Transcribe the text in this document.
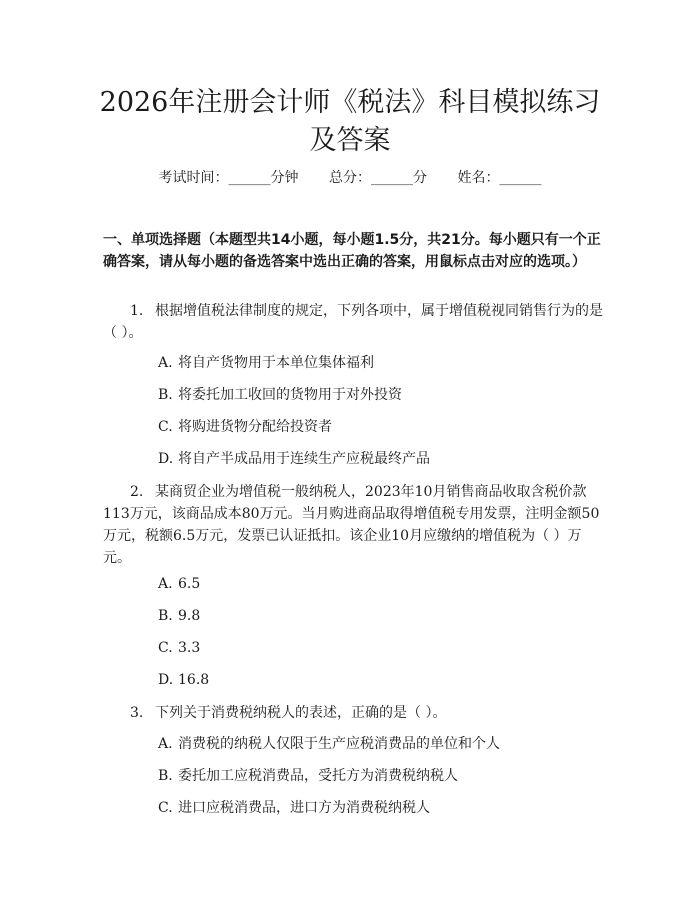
2026年注册会计师《税法》科目模拟练习及答案
考试时间：______分钟 总分：______分 姓名：______
一、单项选择题（本题型共14小题，每小题1.5分，共21分。每小题只有一个正确答案，请从每小题的备选答案中选出正确的答案，用鼠标点击对应的选项。）
1. 根据增值税法律制度的规定，下列各项中，属于增值税视同销售行为的是（ ）。
A. 将自产货物用于本单位集体福利
B. 将委托加工收回的货物用于对外投资
C. 将购进货物分配给投资者
D. 将自产半成品用于连续生产应税最终产品
2. 某商贸企业为增值税一般纳税人，2023年10月销售商品收取含税价款113万元，该商品成本80万元。当月购进商品取得增值税专用发票，注明金额50万元，税额6.5万元，发票已认证抵扣。该企业10月应缴纳的增值税为（ ）万元。
A. 6.5
B. 9.8
C. 3.3
D. 16.8
3. 下列关于消费税纳税人的表述，正确的是（ ）。
A. 消费税的纳税人仅限于生产应税消费品的单位和个人
B. 委托加工应税消费品，受托方为消费税纳税人
C. 进口应税消费品，进口方为消费税纳税人
